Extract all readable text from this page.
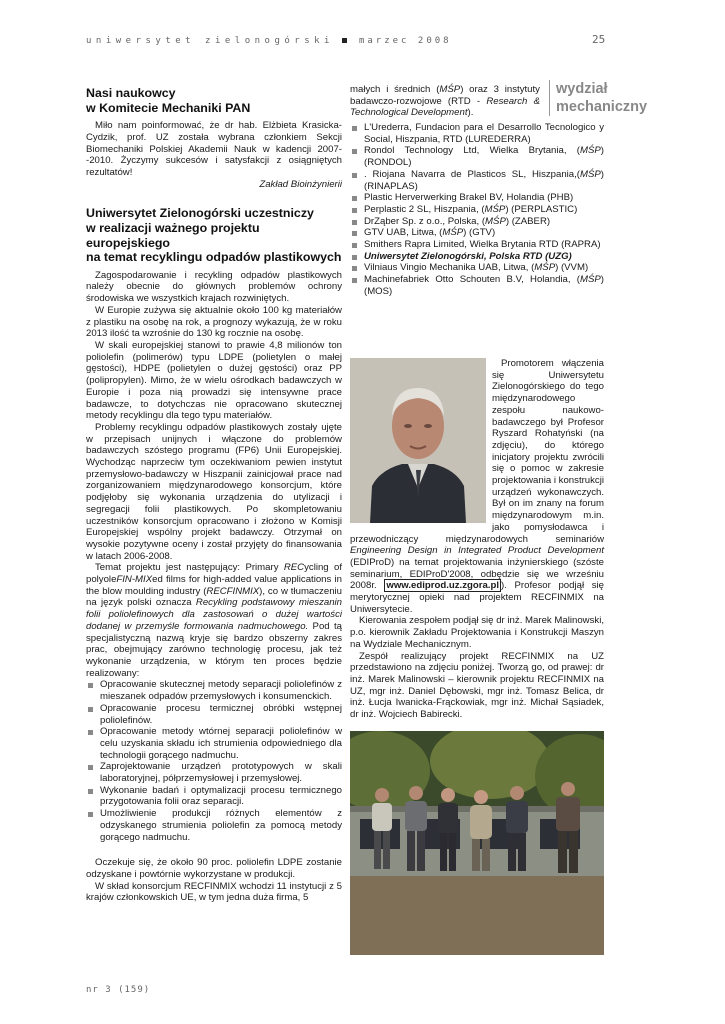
uniwersytet zielonogórski	marzec 2008	25
wydział
mechaniczny
Nasi naukowcy
w Komitecie Mechaniki PAN

Miło nam poinformować, że dr hab. Elżbieta Krasicka-Cydzik, prof. UZ została wybrana członkiem Sekcji Biomechaniki Polskiej Akademii Nauk w kadencji 2007--2010. Życzymy sukcesów i satysfakcji z osiągniętych rezultatów!

Zakład Bioinżynierii

Uniwersytet Zielonogórski uczestniczy
w realizacji ważnego projektu europejskiego
na temat recyklingu odpadów plastikowych

Zagospodarowanie i recykling odpadów plastikowych należy obecnie do głównych problemów ochrony środowiska we wszystkich krajach rozwiniętych.

W Europie zużywa się aktualnie około 100 kg materiałów z plastiku na osobę na rok, a prognozy wykazują, że w roku 2013 ilość ta wzrośnie do 130 kg rocznie na osobę.

W skali europejskiej stanowi to prawie 4,8 milionów ton poliolefin (polimerów) typu LDPE (polietylen o małej gęstości), HDPE (polietylen o dużej gęstości) oraz PP (polipropylen). Mimo, że w wielu ośrodkach badawczych w Europie i poza nią prowadzi się intensywne prace badawcze, to dotychczas nie opracowano skutecznej metody recyklingu dla tego typu materiałów.

Problemy recyklingu odpadów plastikowych zostały ujęte w przepisach unijnych i włączone do problemów badawczych szóstego programu (FP6) Unii Europejskiej. Wychodząc naprzeciw tym oczekiwaniom pewien instytut przemysłowo-badawczy w Hiszpanii zainicjował prace nad zorganizowaniem międzynarodowego konsorcjum, które podjęłoby się wykonania urządzenia do utylizacji i segregacji folii plastikowych. Po skompletowaniu uczestników konsorcjum opracowano i złożono w Komisji Europejskiej wspólny projekt badawczy. Otrzymał on wysokie pozytywne oceny i został przyjęty do finansowania w latach 2006-2008.

Temat projektu jest następujący: Primary RECycling of polyoleFIN-MIXed films for high-added value applications in the blow moulding industry (RECFINMIX), co w tłumaczeniu na język polski oznacza Recykling podstawowy mieszanin folii poliolefinowych dla zastosowań o dużej wartości dodanej w przemyśle formowania nadmuchowego. Pod tą specjalistyczną nazwą kryje się bardzo obszerny zakres prac, obejmujący zarówno technologię procesu, jak też wykonanie urządzenia, w którym ten proces będzie realizowany:

Opracowanie skutecznej metody separacji poliolefinów z mieszanek odpadów przemysłowych i konsumenckich.
Opracowanie procesu termicznej obróbki wstępnej poliolefinów.
Opracowanie metody wtórnej separacji poliolefinów w celu uzyskania składu ich strumienia odpowiedniego dla technologii gorącego nadmuchu.
Zaprojektowanie urządzeń prototypowych w skali laboratoryjnej, półprzemysłowej i przemysłowej.
Wykonanie badań i optymalizacji procesu termicznego przygotowania folii oraz separacji.
Umożliwienie produkcji różnych elementów z odzyskanego strumienia poliolefin za pomocą metody gorącego nadmuchu.

Oczekuje się, że około 90 proc. poliolefin LDPE zostanie odzyskane i powtórnie wykorzystane w produkcji.

W skład konsorcjum RECFINMIX wchodzi 11 instytucji z 5 krajów członkowskich UE, w tym jedna duża firma, 5

małych i średnich (MŚP) oraz 3 instytuty badawczo-rozwojowe (RTD - Research & Technological Development).

L'Urederra, Fundacion para el Desarrollo Tecnologico y Social, Hiszpania, RTD (LUREDERRA)
Rondol Technology Ltd, Wielka Brytania, (MŚP) (RONDOL)
. Riojana Navarra de Plasticos SL, Hiszpania,(MŚP) (RINAPLAS)
Plastic Herverwerking Brakel BV, Holandia (PHB)
Perplastic 2 SL, Hiszpania, (MŚP) (PERPLASTIC)
DrZąber Sp. z o.o., Polska, (MŚP) (ZABER)
GTV UAB, Litwa, (MŚP) (GTV)
Smithers Rapra Limited, Wielka Brytania RTD (RAPRA)
Uniwersytet Zielonogórski, Polska RTD (UZG)
Vilniaus Vingio Mechanika UAB, Litwa, (MŚP) (VVM)
Machinefabriek Otto Schouten B.V, Holandia, (MŚP) (MOS)

Promotorem włączenia się Uniwersytetu Zielonogórskiego do tego międzynarodowego zespołu naukowo-badawczego był Profesor Ryszard Rohatyński (na zdjęciu), do którego inicjatory projektu zwrócili się o pomoc w zakresie projektowania i konstrukcji urządzeń wykonawczych. Był on im znany na forum międzynarodowym m.in. jako pomysłodawca i przewodniczący międzynarodowych seminariów Engineering Design in Integrated Product Development (EDIProD) na temat projektowania inżynierskiego (szóste seminarium, EDIProD'2008, odbędzie się we wrześniu 2008r. www.ediprod.uz.zgora.pl ). Profesor podjął się merytorycznej opieki nad projektem RECFINMIX na Uniwersytecie.

Kierowania zespołem podjął się dr inż. Marek Malinowski, p.o. kierownik Zakładu Projektowania i Konstrukcji Maszyn na Wydziale Mechanicznym.

Zespół realizujący projekt RECFINMIX na UZ przedstawiono na zdjęciu poniżej. Tworzą go, od prawej: dr inż. Marek Malinowski – kierownik projektu RECFINMIX na UZ, mgr inż. Daniel Dębowski, mgr inż. Tomasz Belica, dr inż. Łucja Iwanicka-Frąckowiak, mgr inż. Michał Sąsiadek, dr inż. Wojciech Babirecki.

nr 3 (159)
